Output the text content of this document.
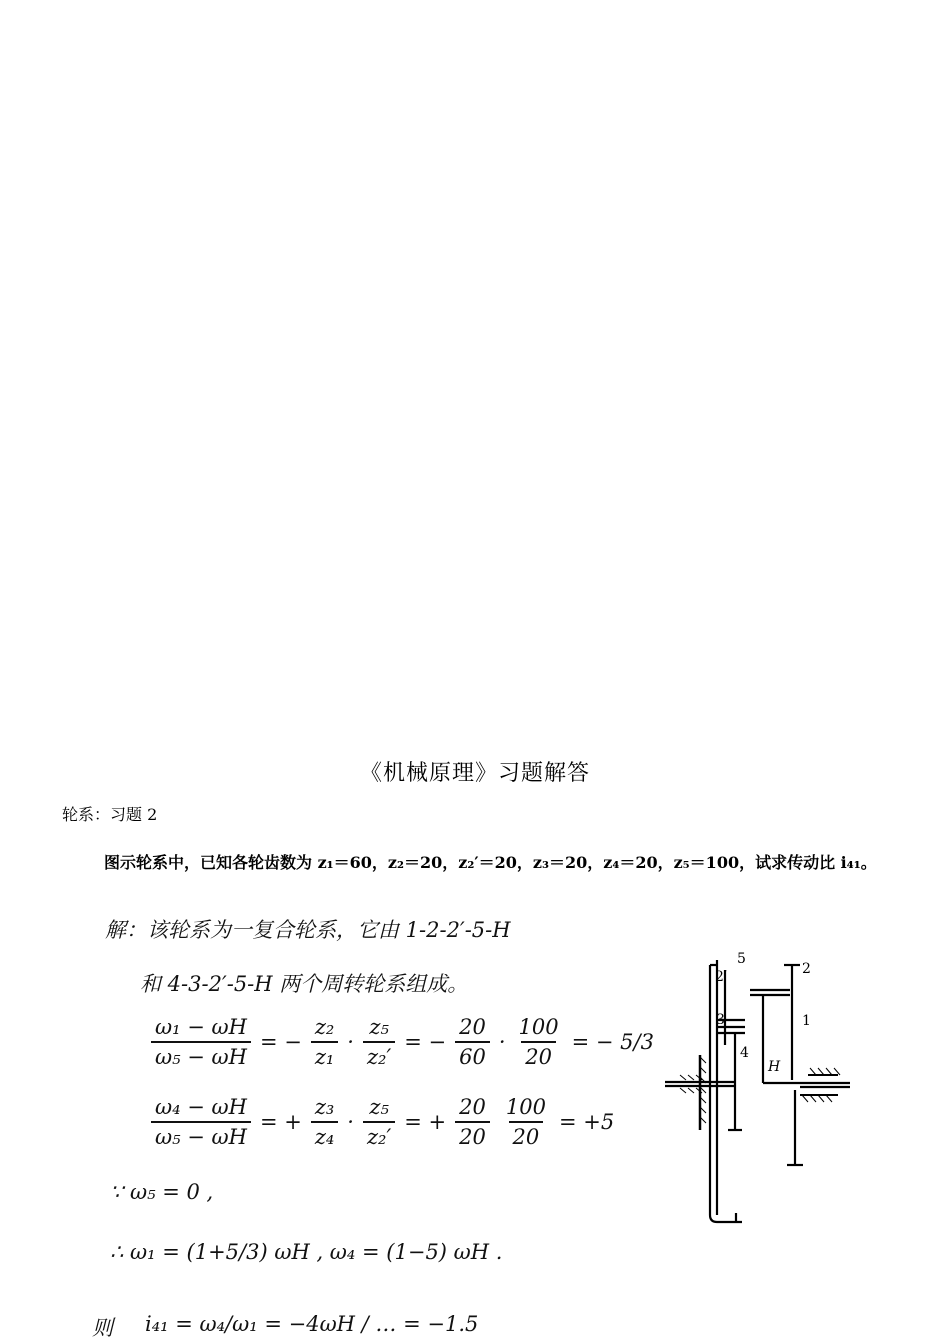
《机械原理》习题解答
轮系：习题 2
图示轮系中，已知各轮齿数为 z₁＝60，z₂＝20，z₂′＝20，z₃＝20，z₄＝20，z₅＝100，试求传动比 i₄₁。
解：该轮系为一复合轮系，它由 1-2-2′-5-H
和 4-3-2′-5-H 两个周转轮系组成。
$\frac{\text{ω₁ − ωH}}{\text{ω₅ − ωH}}$ = − $\frac{\text{z₂}}{\text{z₁}} \cdot \frac{\text{z₅}}{\text{z₂′}}$ = − $\frac{20}{60} \cdot \frac{100}{20}$ = − 5/3
$\frac{\text{ω₄ − ωH}}{\text{ω₅ − ωH}}$ = + $\frac{\text{z₃}}{\text{z₄}} \cdot \frac{\text{z₅}}{\text{z₂′}}$ = + $\frac{20}{20} \frac{100}{20} = +5$
∵ ω₅ = 0 ,
∴ ω₁ = (1+5/3) ωH , ω₄ = (1−5) ωH .
则 i₄₁ = ω₄/ω₁ = −4ωH / … = −1.5
5
2′	2
1
3
4
H
